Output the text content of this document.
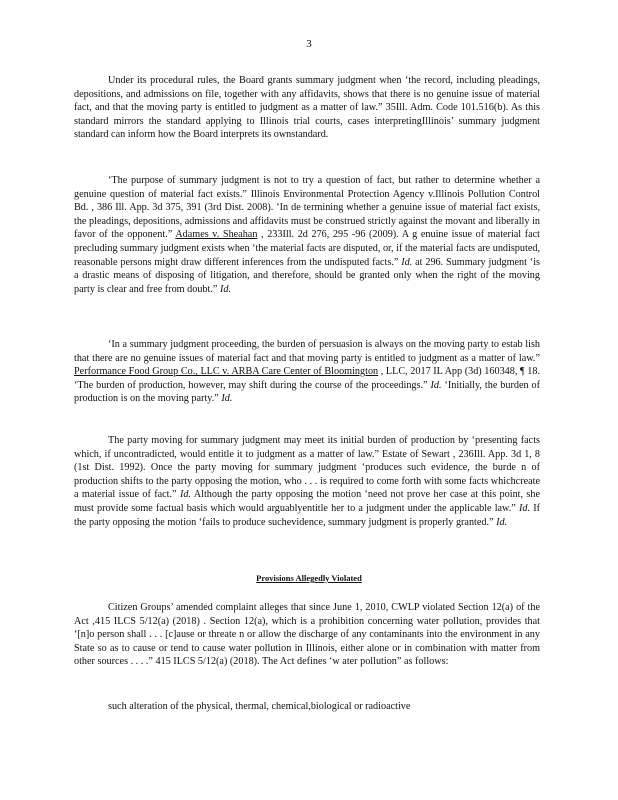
3

Under its procedural rules, the Board grants summary judgment when ‘the record, including pleadings, depositions, and admissions on file, together with any affidavits, shows that there is no genuine issue of material fact, and that the moving party is entitled to judgment as a matter of law.” 35Ill. Adm. Code 101.516(b). As this standard mirrors the standard applying to Illinois trial courts, cases interpretingIllinois’ summary judgment standard can inform how the Board interprets its ownstandard.

‘The purpose of summary judgment is not to try a question of fact, but rather to determine whether a genuine question of material fact exists.” Illinois Environmental Protection Agency v.Illinois Pollution Control Bd. , 386 Ill. App. 3d 375, 391 (3rd Dist. 2008). ‘In de termining whether a genuine issue of material fact exists, the pleadings, depositions, admissions and affidavits must be construed strictly against the movant and liberally in favor of the opponent.” Adames v. Sheahan , 233Ill. 2d 276, 295 -96 (2009). A g enuine issue of material fact precluding summary judgment exists when ‘the material facts are disputed, or, if the material facts are undisputed, reasonable persons might draw different inferences from the undisputed facts.” Id. at 296. Summary judgment ‘is a drastic means of disposing of litigation, and therefore, should be granted only when the right of the moving party is clear and free from doubt.” Id.

‘In a summary judgment proceeding, the burden of persuasion is always on the moving party to estab lish that there are no genuine issues of material fact and that moving party is entitled to judgment as a matter of law.” Performance Food Group Co., LLC v. ARBA Care Center of Bloomington , LLC, 2017 IL App (3d) 160348, ¶ 18. ‘The burden of production, however, may shift during the course of the proceedings.” Id. ‘Initially, the burden of production is on the moving party.” Id.

The party moving for summary judgment may meet its initial burden of production by ‘presenting facts which, if uncontradicted, would entitle it to judgment as a matter of law.” Estate of Sewart , 236Ill. App. 3d 1, 8 (1st Dist. 1992). Once the party moving for summary judgment ‘produces such evidence, the burde n of production shifts to the party opposing the motion, who . . . is required to come forth with some facts whichcreate a material issue of fact.” Id. Although the party opposing the motion ‘need not prove her case at this point, she must provide some factual basis which would arguablyentitle her to a judgment under the applicable law.” Id. If the party opposing the motion ‘fails to produce suchevidence, summary judgment is properly granted.” Id.

Provisions Allegedly Violated

Citizen Groups’ amended complaint alleges that since June 1, 2010, CWLP violated Section 12(a) of the Act ,415 ILCS 5/12(a) (2018) . Section 12(a), which is a prohibition concerning water pollution, provides that ‘[n]o person shall . . . [c]ause or threate n or allow the discharge of any contaminants into the environment in any State so as to cause or tend to cause water pollution in Illinois, either alone or in combination with matter from other sources . . . .” 415 ILCS 5/12(a) (2018). The Act defines ‘w ater pollution” as follows:

such alteration of the physical, thermal, chemical,biological or radioactive
